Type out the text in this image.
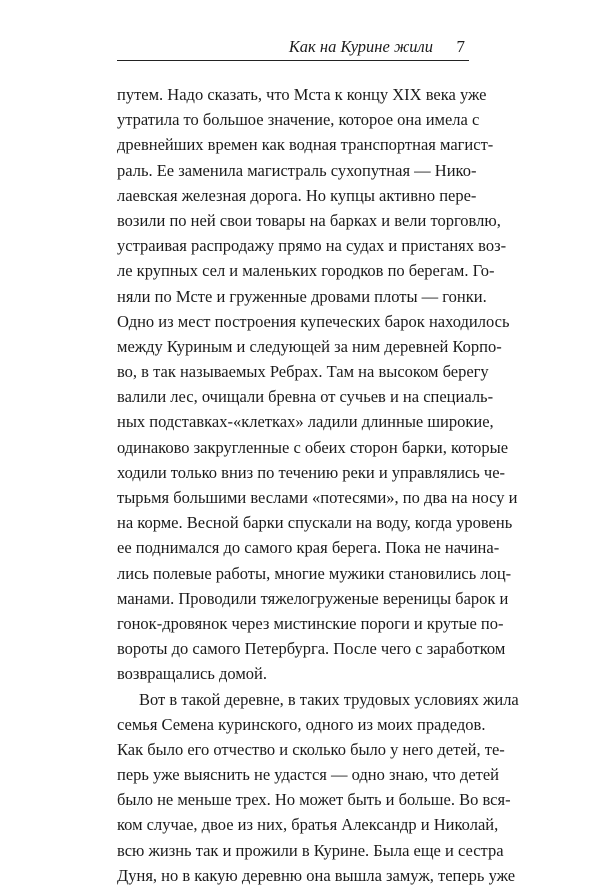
Как на Курине жили 7
путем. Надо сказать, что Мста к концу XIX века уже
утратила то большое значение, которое она имела с
древнейших времен как водная транспортная магист-
раль. Ее заменила магистраль сухопутная — Нико-
лаевская железная дорога. Но купцы активно пере-
возили по ней свои товары на барках и вели торговлю,
устраивая распродажу прямо на судах и пристанях воз-
ле крупных сел и маленьких городков по берегам. Го-
няли по Мсте и груженные дровами плоты — гонки.
Одно из мест построения купеческих барок находилось
между Куриным и следующей за ним деревней Корпо-
во, в так называемых Ребрах. Там на высоком берегу
валили лес, очищали бревна от сучьев и на специаль-
ных подставках-«клетках» ладили длинные широкие,
одинаково закругленные с обеих сторон барки, которые
ходили только вниз по течению реки и управлялись че-
тырьмя большими веслами «потесями», по два на носу и
на корме. Весной барки спускали на воду, когда уровень
ее поднимался до самого края берега. Пока не начина-
лись полевые работы, многие мужики становились лоц-
манами. Проводили тяжелогруженые вереницы барок и
гонок-дровянок через мистинские пороги и крутые по-
вороты до самого Петербурга. После чего с заработком
возвращались домой.
Вот в такой деревне, в таких трудовых условиях жила
семья Семена куринского, одного из моих прадедов.
Как было его отчество и сколько было у него детей, те-
перь уже выяснить не удастся — одно знаю, что детей
было не меньше трех. Но может быть и больше. Во вся-
ком случае, двое из них, братья Александр и Николай,
всю жизнь так и прожили в Курине. Была еще и сестра
Дуня, но в какую деревню она вышла замуж, теперь уже
